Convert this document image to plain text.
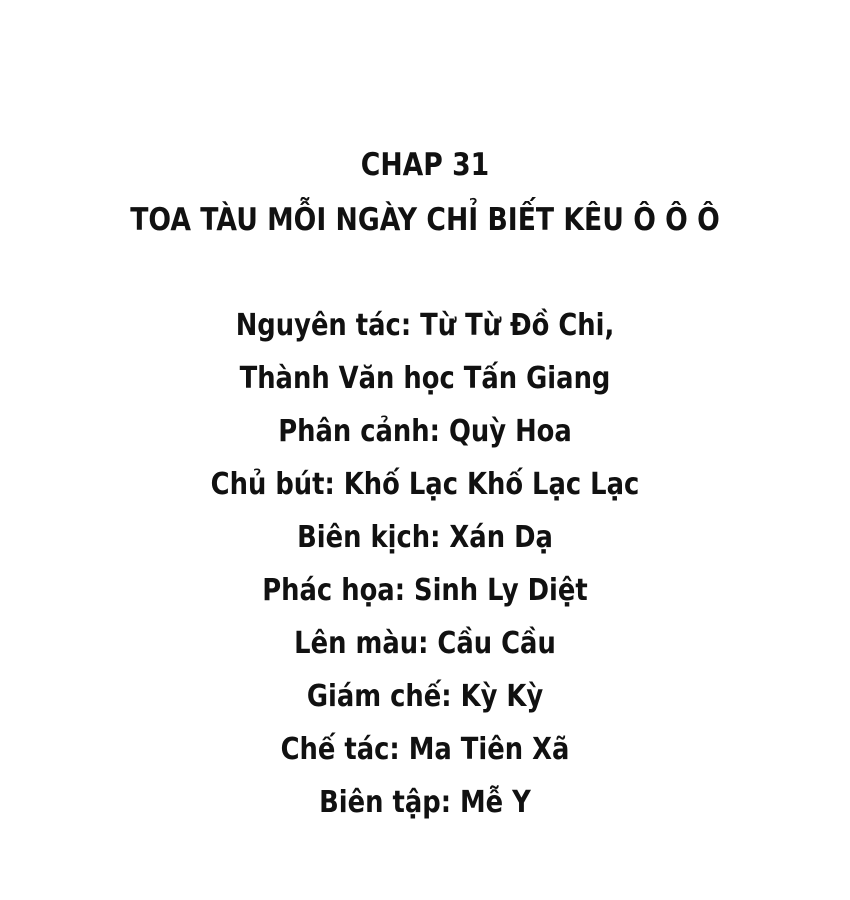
CHAP 31
TOA TÀU MỖI NGÀY CHỈ BIẾT KÊU Ô Ô Ô
Nguyên tác: Từ Từ Đồ Chi,
Thành Văn học Tấn Giang
Phân cảnh: Quỳ Hoa
Chủ bút: Khố Lạc Khố Lạc Lạc
Biên kịch: Xán Dạ
Phác họa: Sinh Ly Diệt
Lên màu: Cầu Cầu
Giám chế: Kỳ Kỳ
Chế tác: Ma Tiên Xã
Biên tập: Mễ Y
